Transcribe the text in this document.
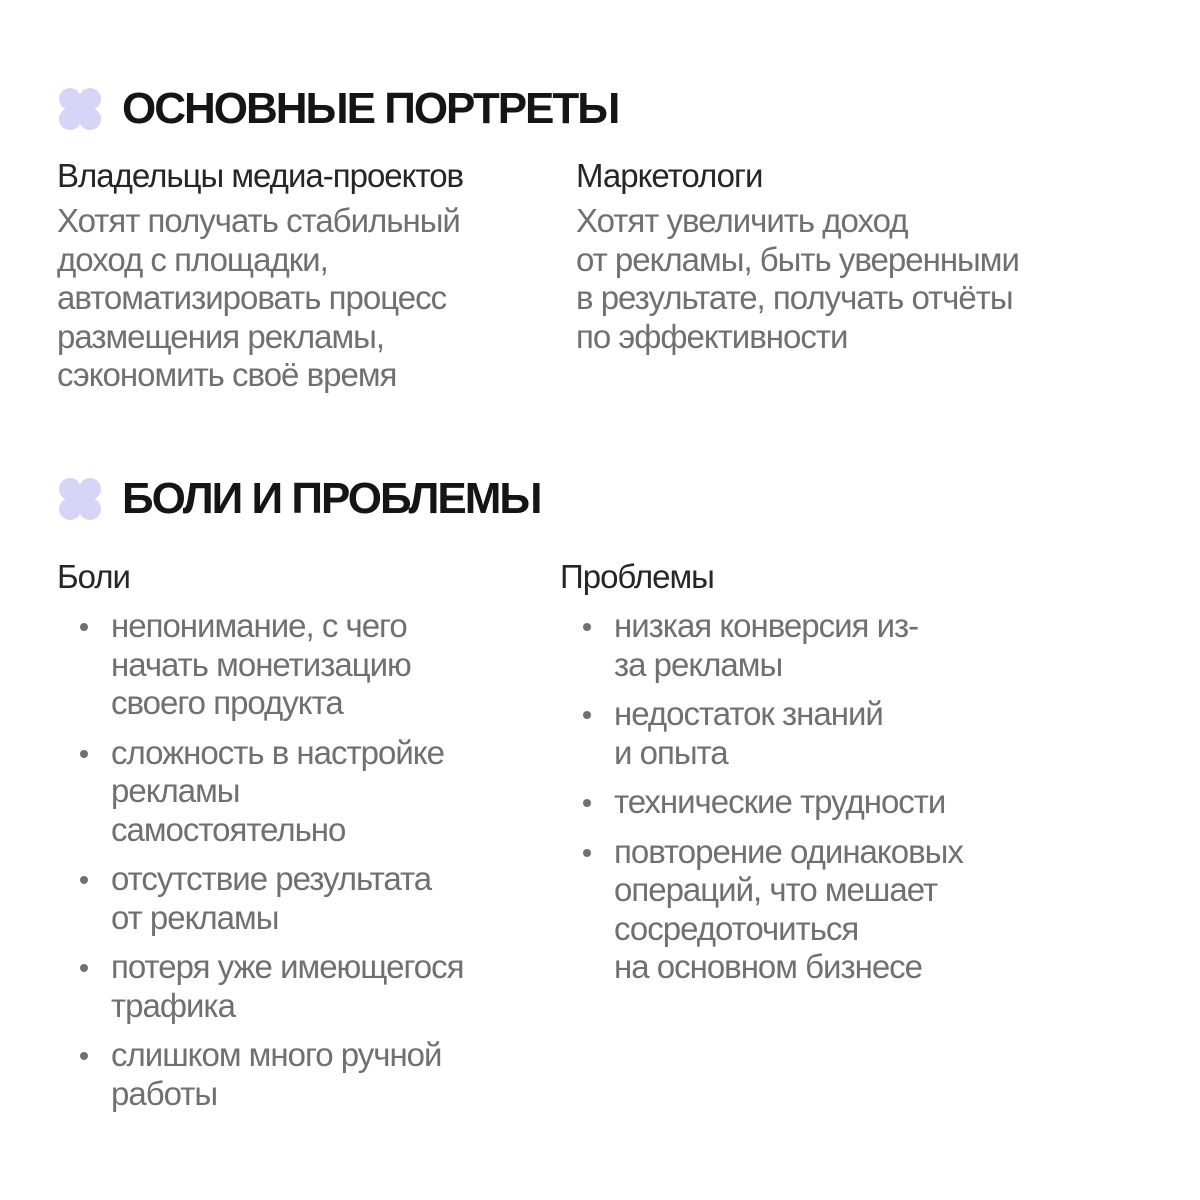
ОСНОВНЫЕ ПОРТРЕТЫ
Владельцы медиа-проектов

Хотят получать стабильный
доход с площадки,
автоматизировать процесс
размещения рекламы,
сэкономить своё время

Маркетологи

Хотят увеличить доход
от рекламы, быть уверенными
в результате, получать отчёты
по эффективности

БОЛИ И ПРОБЛЕМЫ
Боли
непонимание, с чего
начать монетизацию
своего продукта
сложность в настройке
рекламы
самостоятельно
отсутствие результата
от рекламы
потеря уже имеющегося
трафика
слишком много ручной
работы
Проблемы
низкая конверсия из-
за рекламы
недостаток знаний
и опыта
технические трудности
повторение одинаковых
операций, что мешает
сосредоточиться
на основном бизнесе
